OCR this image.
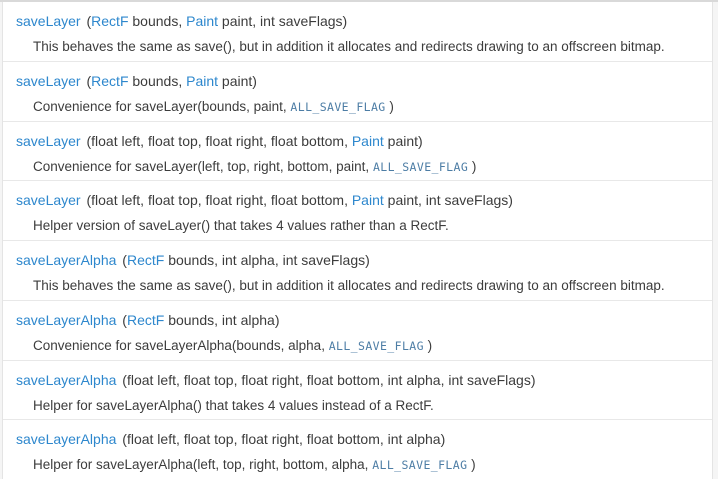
saveLayer (RectF bounds, Paint paint, int saveFlags)
This behaves the same as save(), but in addition it allocates and redirects drawing to an offscreen bitmap.
saveLayer (RectF bounds, Paint paint)
Convenience for saveLayer(bounds, paint, ALL_SAVE_FLAG )
saveLayer (float left, float top, float right, float bottom, Paint paint)
Convenience for saveLayer(left, top, right, bottom, paint, ALL_SAVE_FLAG )
saveLayer (float left, float top, float right, float bottom, Paint paint, int saveFlags)
Helper version of saveLayer() that takes 4 values rather than a RectF.
saveLayerAlpha (RectF bounds, int alpha, int saveFlags)
This behaves the same as save(), but in addition it allocates and redirects drawing to an offscreen bitmap.
saveLayerAlpha (RectF bounds, int alpha)
Convenience for saveLayerAlpha(bounds, alpha, ALL_SAVE_FLAG )
saveLayerAlpha (float left, float top, float right, float bottom, int alpha, int saveFlags)
Helper for saveLayerAlpha() that takes 4 values instead of a RectF.
saveLayerAlpha (float left, float top, float right, float bottom, int alpha)
Helper for saveLayerAlpha(left, top, right, bottom, alpha, ALL_SAVE_FLAG )
